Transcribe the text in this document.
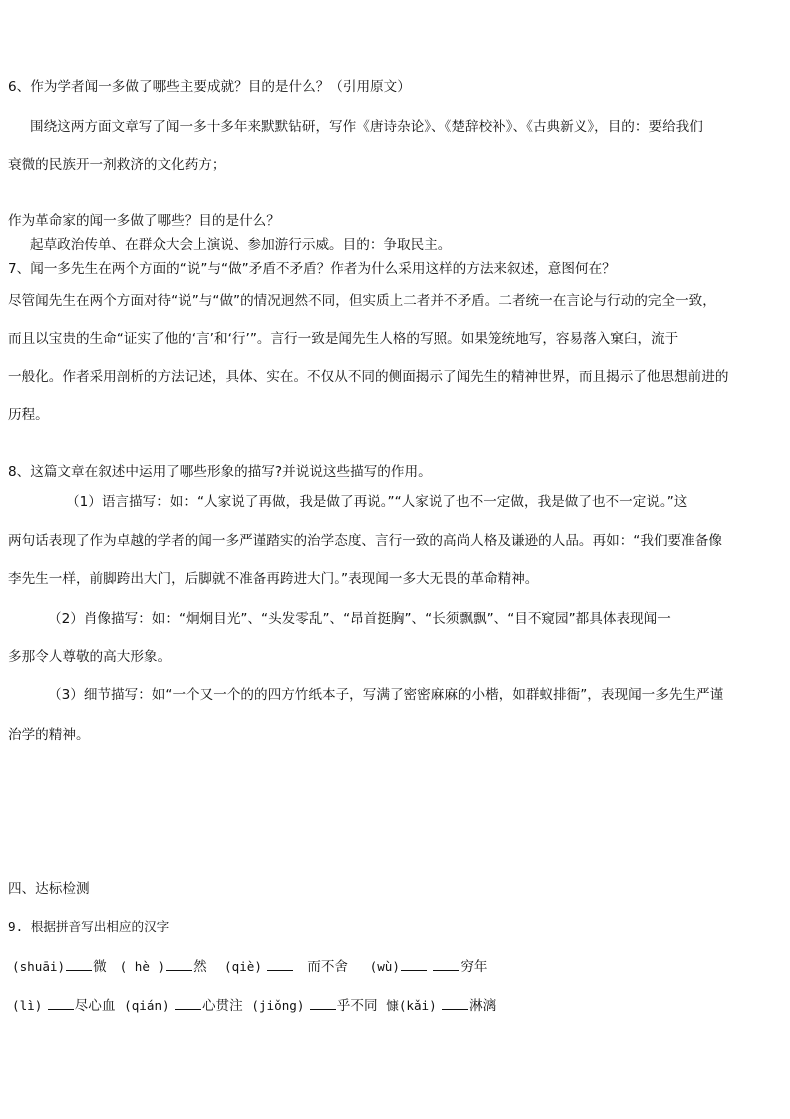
6、作为学者闻一多做了哪些主要成就？目的是什么？（引用原文）
围绕这两方面文章写了闻一多十多年来默默钻研，写作《唐诗杂论》、《楚辞校补》、《古典新义》，目的：要给我们
衰微的民族开一剂救济的文化药方；
作为革命家的闻一多做了哪些？目的是什么？
起草政治传单、在群众大会上演说、参加游行示威。目的：争取民主。
7、闻一多先生在两个方面的“说”与“做”矛盾不矛盾？作者为什么采用这样的方法来叙述，意图何在？
尽管闻先生在两个方面对待“说”与“做”的情况迥然不同，但实质上二者并不矛盾。二者统一在言论与行动的完全一致，
而且以宝贵的生命“证实了他的‘言’和‘行’”。言行一致是闻先生人格的写照。如果笼统地写，容易落入窠臼，流于
一般化。作者采用剖析的方法记述，具体、实在。不仅从不同的侧面揭示了闻先生的精神世界，而且揭示了他思想前进的
历程。
8、这篇文章在叙述中运用了哪些形象的描写?并说说这些描写的作用。
（1）语言描写：如：“人家说了再做，我是做了再说。”“人家说了也不一定做，我是做了也不一定说。”这
两句话表现了作为卓越的学者的闻一多严谨踏实的治学态度、言行一致的高尚人格及谦逊的人品。再如：“我们要准备像
李先生一样，前脚跨出大门，后脚就不准备再跨进大门。”表现闻一多大无畏的革命精神。
（2）肖像描写：如：“炯炯目光”、“头发零乱”、“昂首挺胸”、“长须飘飘”、“目不窥园”都具体表现闻一
多那令人尊敬的高大形象。
（3）细节描写：如“一个又一个的的四方竹纸本子，写满了密密麻麻的小楷，如群蚁排衙”，表现闻一多先生严谨
治学的精神。
四、达标检测
9. 根据拼音写出相应的汉字
(shuāi) 微 ( hè ) 然 (qiè)	而不舍 (wù)	穷年
(lì) 尽心血 (qián) 心贯注 (jiǒng) 乎不同 慷(kǎi) 淋漓
